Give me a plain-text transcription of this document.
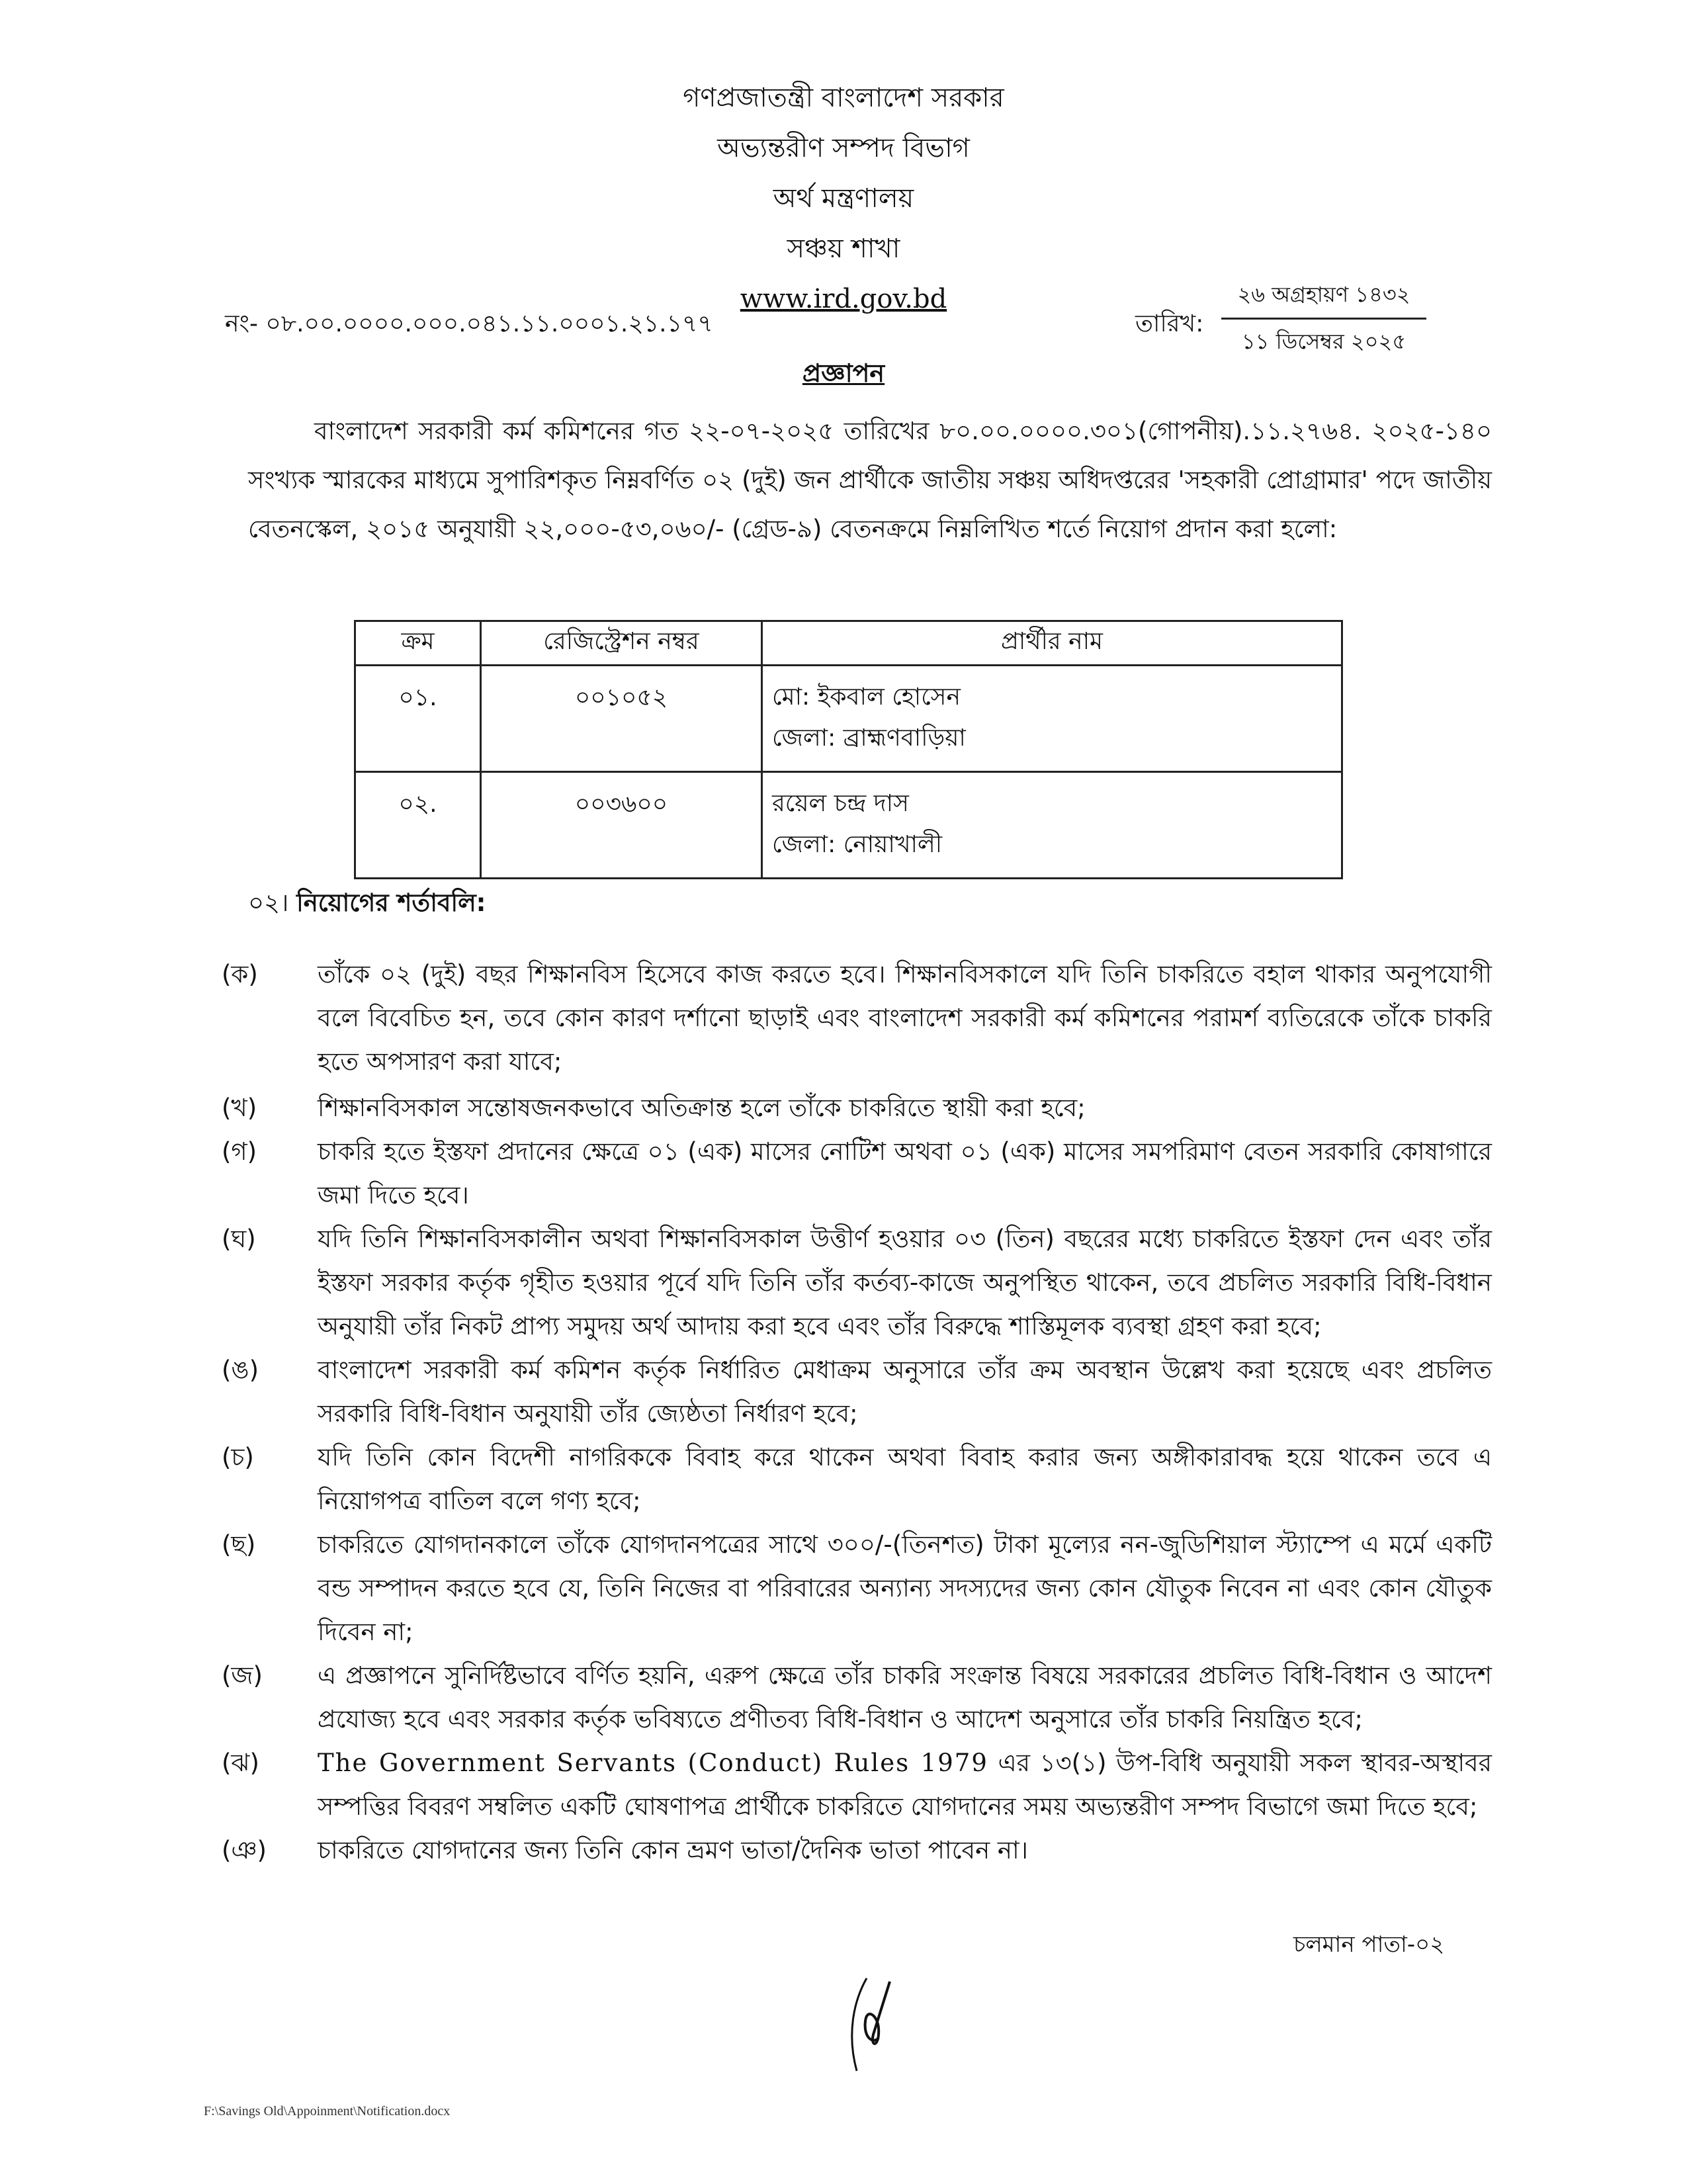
গণপ্রজাতন্ত্রী বাংলাদেশ সরকার
অভ্যন্তরীণ সম্পদ বিভাগ
অর্থ মন্ত্রণালয়
সঞ্চয় শাখা
www.ird.gov.bd
নং- ০৮.০০.০০০০.০০০.০৪১.১১.০০০১.২১.১৭৭	তারিখ:
২৬ অগ্রহায়ণ ১৪৩২
১১ ডিসেম্বর ২০২৫
প্রজ্ঞাপন
বাংলাদেশ সরকারী কর্ম কমিশনের গত ২২-০৭-২০২৫ তারিখের ৮০.০০.০০০০.৩০১(গোপনীয়).১১.২৭৬৪. ২০২৫-১৪০ সংখ্যক স্মারকের মাধ্যমে সুপারিশকৃত নিম্নবর্ণিত ০২ (দুই) জন প্রার্থীকে জাতীয় সঞ্চয় অধিদপ্তরের 'সহকারী প্রোগ্রামার' পদে জাতীয় বেতনস্কেল, ২০১৫ অনুযায়ী ২২,০০০-৫৩,০৬০/- (গ্রেড-৯) বেতনক্রমে নিম্নলিখিত শর্তে নিয়োগ প্রদান করা হলো:
ক্রম	রেজিস্ট্রেশন নম্বর	প্রার্থীর নাম
০১.	০০১০৫২	মো: ইকবাল হোসেন
জেলা: ব্রাহ্মণবাড়িয়া

০২.	০০৩৬০০	রয়েল চন্দ্র দাস
জেলা: নোয়াখালী
০২। নিয়োগের শর্তাবলি:
(ক)	তাঁকে ০২ (দুই) বছর শিক্ষানবিস হিসেবে কাজ করতে হবে। শিক্ষানবিসকালে যদি তিনি চাকরিতে বহাল থাকার অনুপযোগী বলে বিবেচিত হন, তবে কোন কারণ দর্শানো ছাড়াই এবং বাংলাদেশ সরকারী কর্ম কমিশনের পরামর্শ ব্যতিরেকে তাঁকে চাকরি হতে অপসারণ করা যাবে;
(খ)	শিক্ষানবিসকাল সন্তোষজনকভাবে অতিক্রান্ত হলে তাঁকে চাকরিতে স্থায়ী করা হবে;
(গ)	চাকরি হতে ইস্তফা প্রদানের ক্ষেত্রে ০১ (এক) মাসের নোটিশ অথবা ০১ (এক) মাসের সমপরিমাণ বেতন সরকারি কোষাগারে জমা দিতে হবে।
(ঘ)	যদি তিনি শিক্ষানবিসকালীন অথবা শিক্ষানবিসকাল উত্তীর্ণ হওয়ার ০৩ (তিন) বছরের মধ্যে চাকরিতে ইস্তফা দেন এবং তাঁর ইস্তফা সরকার কর্তৃক গৃহীত হওয়ার পূর্বে যদি তিনি তাঁর কর্তব্য-কাজে অনুপস্থিত থাকেন, তবে প্রচলিত সরকারি বিধি-বিধান অনুযায়ী তাঁর নিকট প্রাপ্য সমুদয় অর্থ আদায় করা হবে এবং তাঁর বিরুদ্ধে শাস্তিমূলক ব্যবস্থা গ্রহণ করা হবে;
(ঙ)	বাংলাদেশ সরকারী কর্ম কমিশন কর্তৃক নির্ধারিত মেধাক্রম অনুসারে তাঁর ক্রম অবস্থান উল্লেখ করা হয়েছে এবং প্রচলিত সরকারি বিধি-বিধান অনুযায়ী তাঁর জ্যেষ্ঠতা নির্ধারণ হবে;
(চ)	যদি তিনি কোন বিদেশী নাগরিককে বিবাহ করে থাকেন অথবা বিবাহ করার জন্য অঙ্গীকারাবদ্ধ হয়ে থাকেন তবে এ নিয়োগপত্র বাতিল বলে গণ্য হবে;
(ছ)	চাকরিতে যোগদানকালে তাঁকে যোগদানপত্রের সাথে ৩০০/-(তিনশত) টাকা মূল্যের নন-জুডিশিয়াল স্ট্যাম্পে এ মর্মে একটি বন্ড সম্পাদন করতে হবে যে, তিনি নিজের বা পরিবারের অন্যান্য সদস্যদের জন্য কোন যৌতুক নিবেন না এবং কোন যৌতুক দিবেন না;
(জ)	এ প্রজ্ঞাপনে সুনির্দিষ্টভাবে বর্ণিত হয়নি, এরুপ ক্ষেত্রে তাঁর চাকরি সংক্রান্ত বিষয়ে সরকারের প্রচলিত বিধি-বিধান ও আদেশ প্রযোজ্য হবে এবং সরকার কর্তৃক ভবিষ্যতে প্রণীতব্য বিধি-বিধান ও আদেশ অনুসারে তাঁর চাকরি নিয়ন্ত্রিত হবে;
(ঝ)	The Government Servants (Conduct) Rules 1979 এর ১৩(১) উপ-বিধি অনুযায়ী সকল স্থাবর-অস্থাবর সম্পত্তির বিবরণ সম্বলিত একটি ঘোষণাপত্র প্রার্থীকে চাকরিতে যোগদানের সময় অভ্যন্তরীণ সম্পদ বিভাগে জমা দিতে হবে;
(ঞ)	চাকরিতে যোগদানের জন্য তিনি কোন ভ্রমণ ভাতা/দৈনিক ভাতা পাবেন না।
চলমান পাতা-০২
F:\Savings Old\Appoinment\Notification.docx
